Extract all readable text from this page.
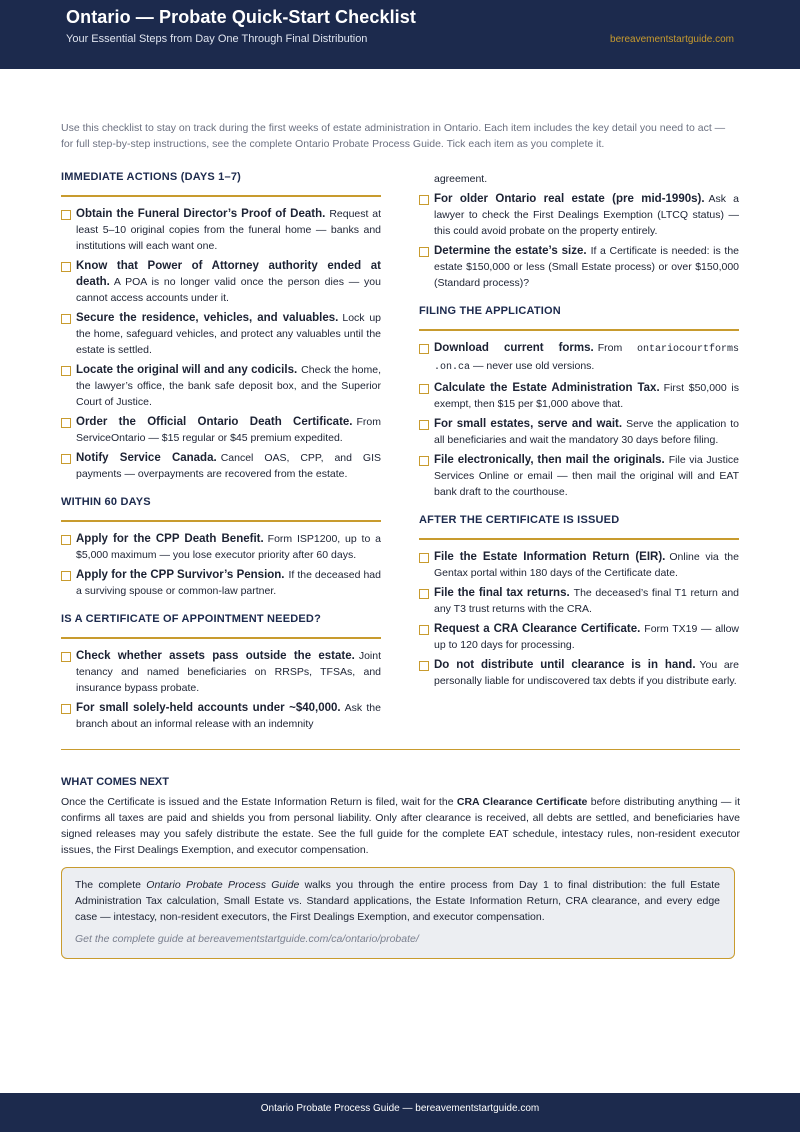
Ontario — Probate Quick-Start Checklist
Your Essential Steps from Day One Through Final Distribution	bereavementstartguide.com

Use this checklist to stay on track during the first weeks of estate administration in Ontario. Each item includes the key detail you need to act — for full step-by-step instructions, see the complete Ontario Probate Process Guide. Tick each item as you complete it.

IMMEDIATE ACTIONS (DAYS 1–7)
Obtain the Funeral Director’s Proof of Death. Request at least 5–10 original copies from the funeral home — banks and institutions will each want one.
Know that Power of Attorney authority ended at death. A POA is no longer valid once the person dies — you cannot access accounts under it.
Secure the residence, vehicles, and valuables. Lock up the home, safeguard vehicles, and protect any valuables until the estate is settled.
Locate the original will and any codicils. Check the home, the lawyer’s office, the bank safe deposit box, and the Superior Court of Justice.
Order the Official Ontario Death Certificate. From ServiceOntario — $15 regular or $45 premium expedited.
Notify Service Canada. Cancel OAS, CPP, and GIS payments — overpayments are recovered from the estate.
WITHIN 60 DAYS
Apply for the CPP Death Benefit. Form ISP1200, up to a $5,000 maximum — you lose executor priority after 60 days.
Apply for the CPP Survivor’s Pension. If the deceased had a surviving spouse or common-law partner.
IS A CERTIFICATE OF APPOINTMENT NEEDED?
Check whether assets pass outside the estate. Joint tenancy and named beneficiaries on RRSPs, TFSAs, and insurance bypass probate.
For small solely-held accounts under ~$40,000. Ask the branch about an informal release with an indemnity
agreement.
For older Ontario real estate (pre mid-1990s). Ask a lawyer to check the First Dealings Exemption (LTCQ status) — this could avoid probate on the property entirely.
Determine the estate’s size. If a Certificate is needed: is the estate $150,000 or less (Small Estate process) or over $150,000 (Standard process)?
FILING THE APPLICATION
Download current forms. From ontariocourtforms .on.ca — never use old versions.
Calculate the Estate Administration Tax. First $50,000 is exempt, then $15 per $1,000 above that.
For small estates, serve and wait. Serve the application to all beneficiaries and wait the mandatory 30 days before filing.
File electronically, then mail the originals. File via Justice Services Online or email — then mail the original will and EAT bank draft to the courthouse.
AFTER THE CERTIFICATE IS ISSUED
File the Estate Information Return (EIR). Online via the Gentax portal within 180 days of the Certificate date.
File the final tax returns. The deceased’s final T1 return and any T3 trust returns with the CRA.
Request a CRA Clearance Certificate. Form TX19 — allow up to 120 days for processing.
Do not distribute until clearance is in hand. You are personally liable for undiscovered tax debts if you distribute early.
WHAT COMES NEXT

Once the Certificate is issued and the Estate Information Return is filed, wait for the CRA Clearance Certificate before distributing anything — it confirms all taxes are paid and shields you from personal liability. Only after clearance is received, all debts are settled, and beneficiaries have signed releases may you safely distribute the estate. See the full guide for the complete EAT schedule, intestacy rules, non-resident executor issues, the First Dealings Exemption, and executor compensation.

The complete Ontario Probate Process Guide walks you through the entire process from Day 1 to final distribution: the full Estate Administration Tax calculation, Small Estate vs. Standard applications, the Estate Information Return, CRA clearance, and every edge case — intestacy, non-resident executors, the First Dealings Exemption, and executor compensation.

Get the complete guide at bereavementstartguide.com/ca/ontario/probate/

Ontario Probate Process Guide — bereavementstartguide.com
